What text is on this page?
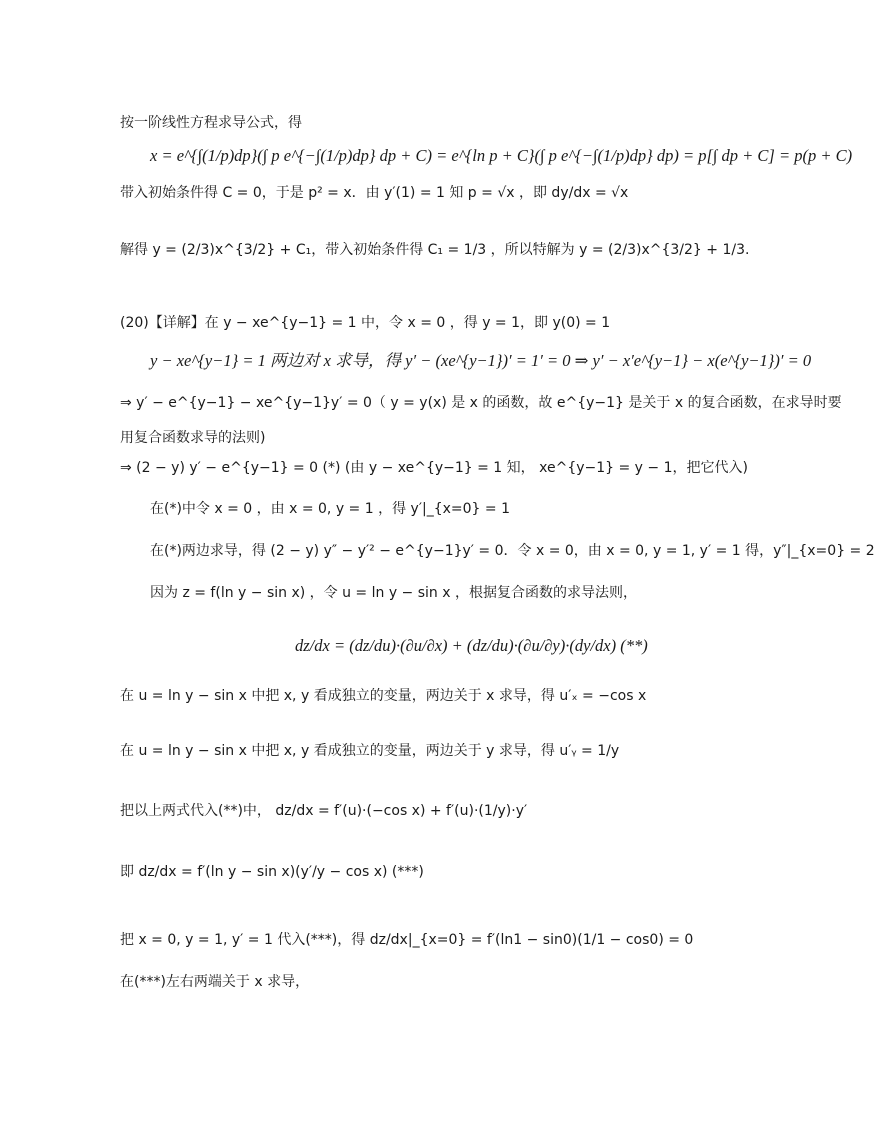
按一阶线性方程求导公式，得
x = e^{∫(1/p)dp}(∫ p e^{−∫(1/p)dp} dp + C) = e^{ln p + C}(∫ p e^{−∫(1/p)dp} dp) = p[∫ dp + C] = p(p + C)
带入初始条件得 C = 0，于是 p² = x．由 y′(1) = 1 知 p = √x ，即 dy/dx = √x
解得 y = (2/3)x^{3/2} + C₁，带入初始条件得 C₁ = 1/3 ，所以特解为 y = (2/3)x^{3/2} + 1/3.
(20)【详解】在 y − xe^{y−1} = 1 中，令 x = 0 ，得 y = 1，即 y(0) = 1
y − xe^{y−1} = 1 两边对 x 求导，得 y′ − (xe^{y−1})′ = 1′ = 0 ⇒ y′ − x′e^{y−1} − x(e^{y−1})′ = 0
⇒ y′ − e^{y−1} − xe^{y−1}y′ = 0（ y = y(x) 是 x 的函数，故 e^{y−1} 是关于 x 的复合函数，在求导时要
用复合函数求导的法则)
⇒ (2 − y) y′ − e^{y−1} = 0 (*) (由 y − xe^{y−1} = 1 知， xe^{y−1} = y − 1，把它代入)
在(*)中令 x = 0 ，由 x = 0, y = 1 ，得 y′|_{x=0} = 1
在(*)两边求导，得 (2 − y) y″ − y′² − e^{y−1}y′ = 0．令 x = 0，由 x = 0, y = 1, y′ = 1 得，y″|_{x=0} = 2
因为 z = f(ln y − sin x) ，令 u = ln y − sin x ，根据复合函数的求导法则，
dz/dx = (dz/du)·(∂u/∂x) + (dz/du)·(∂u/∂y)·(dy/dx) (**)
在 u = ln y − sin x 中把 x, y 看成独立的变量，两边关于 x 求导，得 u′ₓ = −cos x
在 u = ln y − sin x 中把 x, y 看成独立的变量，两边关于 y 求导，得 u′ᵧ = 1/y
把以上两式代入(**)中， dz/dx = f′(u)·(−cos x) + f′(u)·(1/y)·y′
即 dz/dx = f′(ln y − sin x)(y′/y − cos x) (***)
把 x = 0, y = 1, y′ = 1 代入(***)，得 dz/dx|_{x=0} = f′(ln1 − sin0)(1/1 − cos0) = 0
在(***)左右两端关于 x 求导，
